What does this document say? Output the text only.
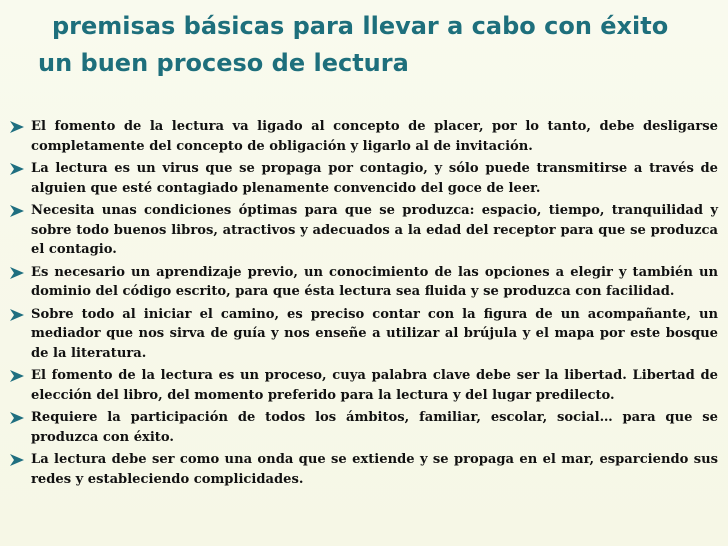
premisas básicas para llevar a cabo con éxito
un buen proceso de lectura
El fomento de la lectura va ligado al concepto de placer, por lo tanto, debe desligarse completamente del concepto de obligación y ligarlo al de invitación.
La lectura es un virus que se propaga por contagio, y sólo puede transmitirse a través de alguien que esté contagiado plenamente convencido del goce de leer.
Necesita unas condiciones óptimas para que se produzca: espacio, tiempo, tranquilidad y sobre todo buenos libros, atractivos y adecuados a la edad del receptor para que se produzca el contagio.
Es necesario un aprendizaje previo, un conocimiento de las opciones a elegir y también un dominio del código escrito, para que ésta lectura sea fluida y se produzca con facilidad.
Sobre todo al iniciar el camino, es preciso contar con la figura de un acompañante, un mediador que nos sirva de guía y nos enseñe a utilizar al brújula y el mapa por este bosque de la literatura.
El fomento de la lectura es un proceso, cuya palabra clave debe ser la libertad. Libertad de elección del libro, del momento preferido para la lectura y del lugar predilecto.
Requiere la participación de todos los ámbitos, familiar, escolar, social… para que se produzca con éxito.
La lectura debe ser como una onda que se extiende y se propaga en el mar, esparciendo sus redes y estableciendo complicidades.
